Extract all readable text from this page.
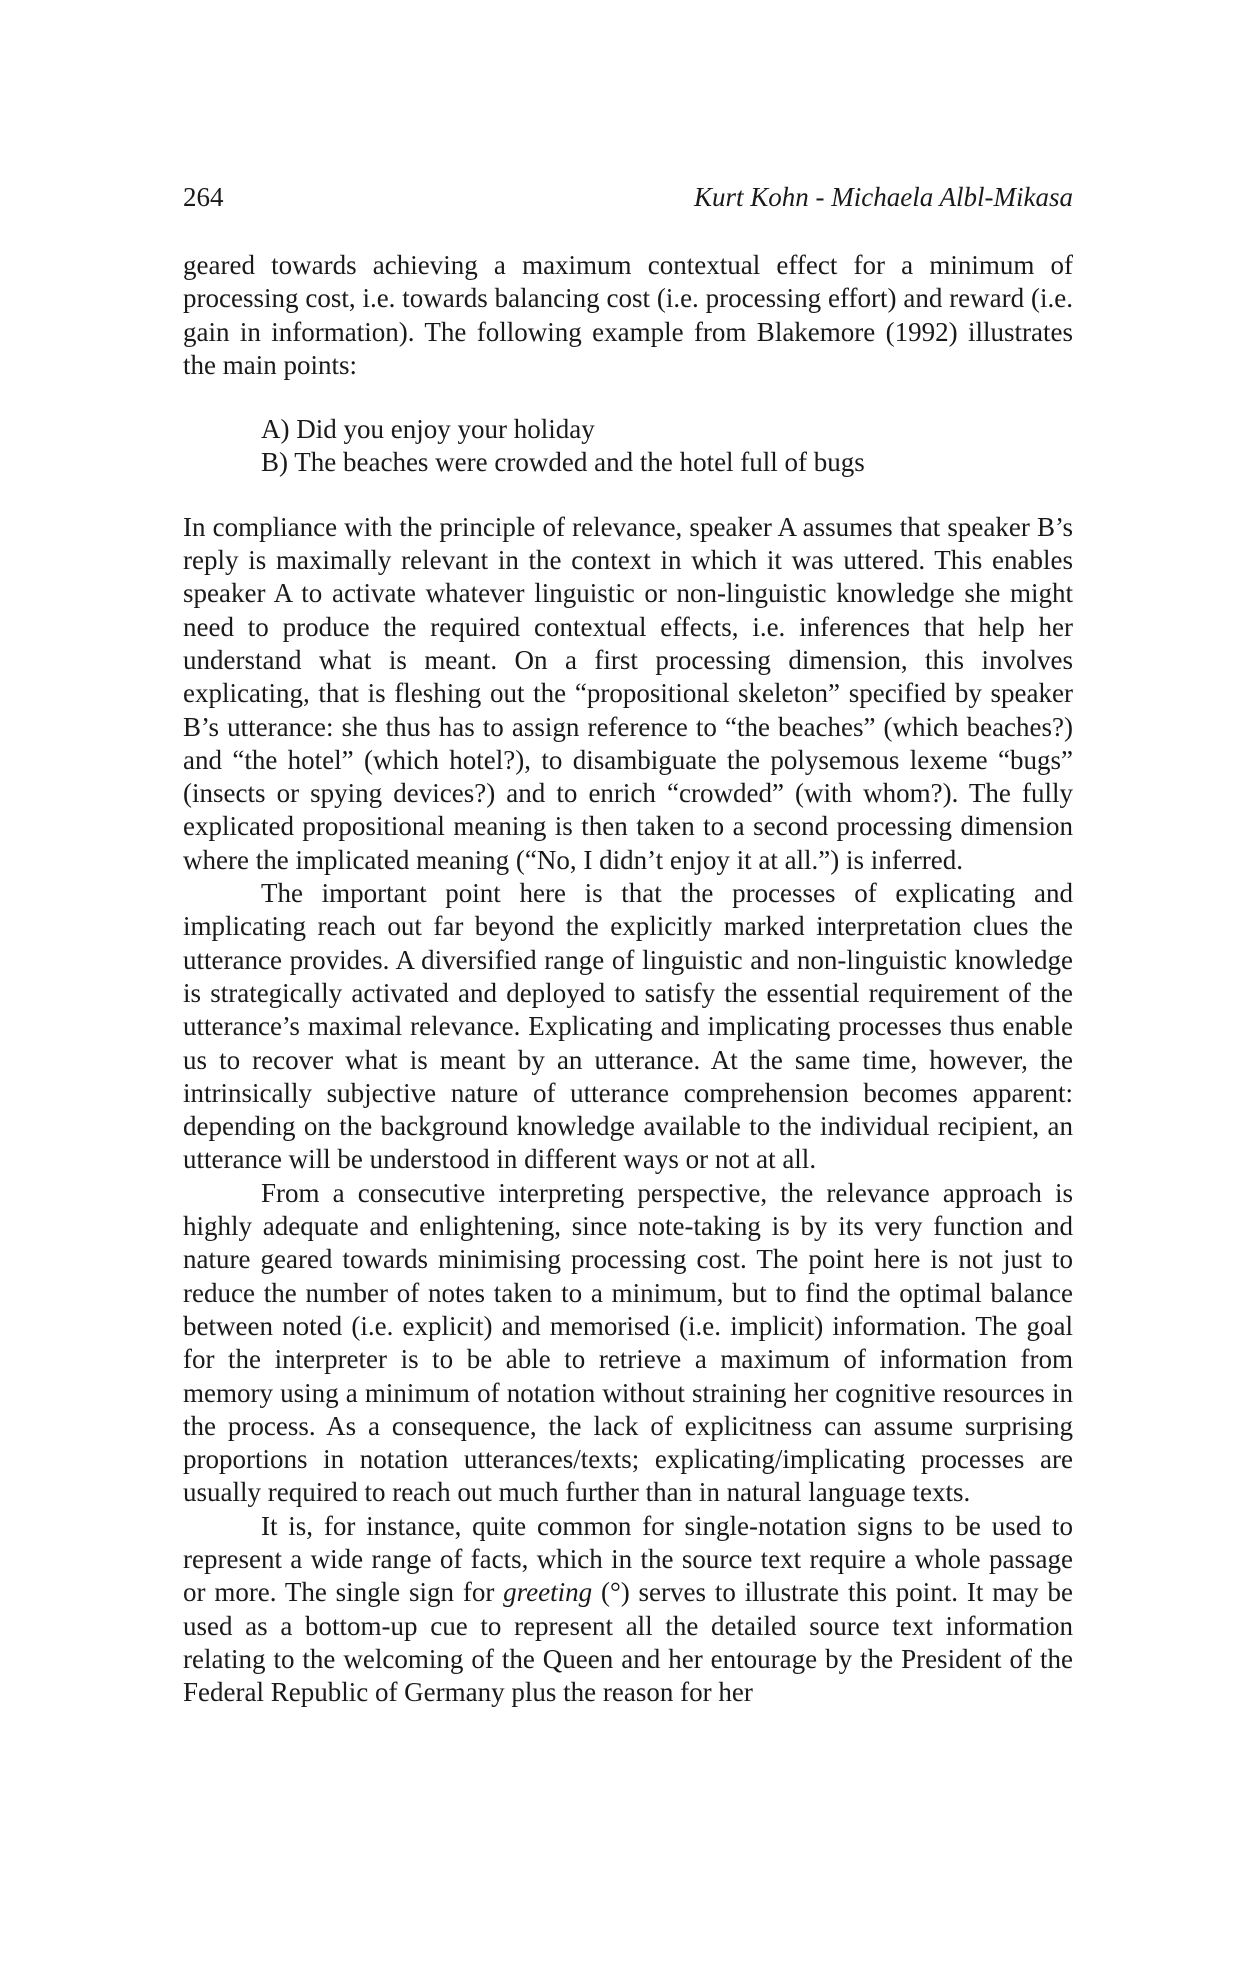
264	Kurt Kohn - Michaela Albl-Mikasa

geared towards achieving a maximum contextual effect for a minimum of processing cost, i.e. towards balancing cost (i.e. processing effort) and reward (i.e. gain in information). The following example from Blakemore (1992) illustrates the main points:

A) Did you enjoy your holiday
B) The beaches were crowded and the hotel full of bugs

In compliance with the principle of relevance, speaker A assumes that speaker B’s reply is maximally relevant in the context in which it was uttered. This enables speaker A to activate whatever linguistic or non-linguistic knowledge she might need to produce the required contextual effects, i.e. inferences that help her understand what is meant. On a first processing dimension, this involves explicating, that is fleshing out the “propositional skeleton” specified by speaker B’s utterance: she thus has to assign reference to “the beaches” (which beaches?) and “the hotel” (which hotel?), to disambiguate the polysemous lexeme “bugs” (insects or spying devices?) and to enrich “crowded” (with whom?). The fully explicated propositional meaning is then taken to a second processing dimension where the implicated meaning (“No, I didn’t enjoy it at all.”) is inferred.

The important point here is that the processes of explicating and implicating reach out far beyond the explicitly marked interpretation clues the utterance provides. A diversified range of linguistic and non-linguistic knowledge is strategically activated and deployed to satisfy the essential requirement of the utterance’s maximal relevance. Explicating and implicating processes thus enable us to recover what is meant by an utterance. At the same time, however, the intrinsically subjective nature of utterance comprehension becomes apparent: depending on the background knowledge available to the individual recipient, an utterance will be understood in different ways or not at all.

From a consecutive interpreting perspective, the relevance approach is highly adequate and enlightening, since note-taking is by its very function and nature geared towards minimising processing cost. The point here is not just to reduce the number of notes taken to a minimum, but to find the optimal balance between noted (i.e. explicit) and memorised (i.e. implicit) information. The goal for the interpreter is to be able to retrieve a maximum of information from memory using a minimum of notation without straining her cognitive resources in the process. As a consequence, the lack of explicitness can assume surprising proportions in notation utterances/texts; explicating/implicating processes are usually required to reach out much further than in natural language texts.

It is, for instance, quite common for single-notation signs to be used to represent a wide range of facts, which in the source text require a whole passage or more. The single sign for greeting (°) serves to illustrate this point. It may be used as a bottom-up cue to represent all the detailed source text information relating to the welcoming of the Queen and her entourage by the President of the Federal Republic of Germany plus the reason for her
